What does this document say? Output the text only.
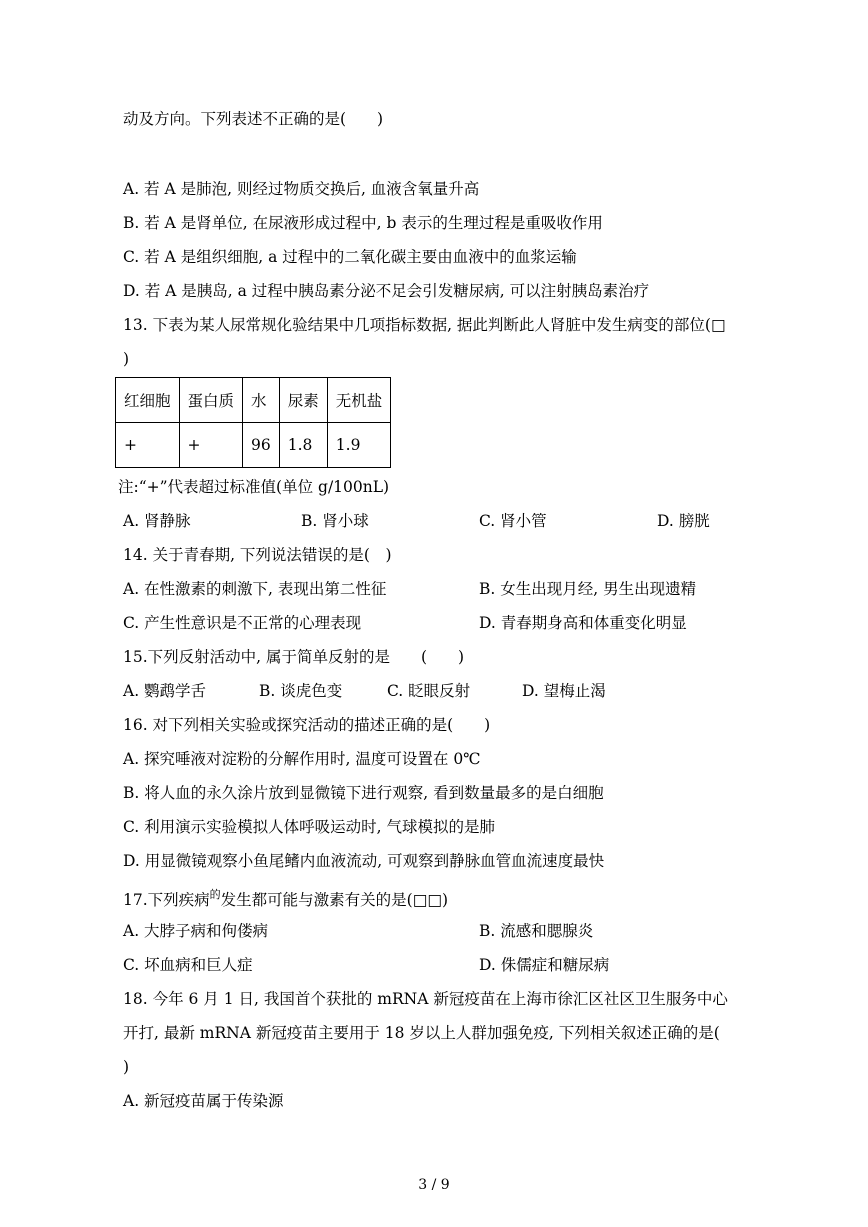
动及方向。下列表述不正确的是(　　)
A. 若 A 是肺泡, 则经过物质交换后, 血液含氧量升高
B. 若 A 是肾单位, 在尿液形成过程中, b 表示的生理过程是重吸收作用
C. 若 A 是组织细胞, a 过程中的二氧化碳主要由血液中的血浆运输
D. 若 A 是胰岛, a 过程中胰岛素分泌不足会引发糖尿病, 可以注射胰岛素治疗
13. 下表为某人尿常规化验结果中几项指标数据, 据此判断此人肾脏中发生病变的部位(□
)
红细胞	蛋白质	水	尿素	无机盐
+	+	96	1.8	1.9
注:“+”代表超过标准值(单位 g/100nL)
A. 肾静脉	B. 肾小球	C. 肾小管	D. 膀胱
14. 关于青春期, 下列说法错误的是(　)
A. 在性激素的刺激下, 表现出第二性征	B. 女生出现月经, 男生出现遗精
C. 产生性意识是不正常的心理表现	D. 青春期身高和体重变化明显
15.下列反射活动中, 属于简单反射的是　　(　　)
A. 鹦鹉学舌	B. 谈虎色变	C. 眨眼反射	D. 望梅止渴
16. 对下列相关实验或探究活动的描述正确的是(　　)
A. 探究唾液对淀粉的分解作用时, 温度可设置在 0℃
B. 将人血的永久涂片放到显微镜下进行观察, 看到数量最多的是白细胞
C. 利用演示实验模拟人体呼吸运动时, 气球模拟的是肺
D. 用显微镜观察小鱼尾鳍内血液流动, 可观察到静脉血管血流速度最快
17.下列疾病$^的$发生都可能与激素有关的是(□□)
A. 大脖子病和佝偻病	B. 流感和腮腺炎
C. 坏血病和巨人症	D. 侏儒症和糖尿病
18. 今年 6 月 1 日, 我国首个获批的 mRNA 新冠疫苗在上海市徐汇区社区卫生服务中心
开打, 最新 mRNA 新冠疫苗主要用于 18 岁以上人群加强免疫, 下列相关叙述正确的是(
)
A. 新冠疫苗属于传染源
3 / 9
